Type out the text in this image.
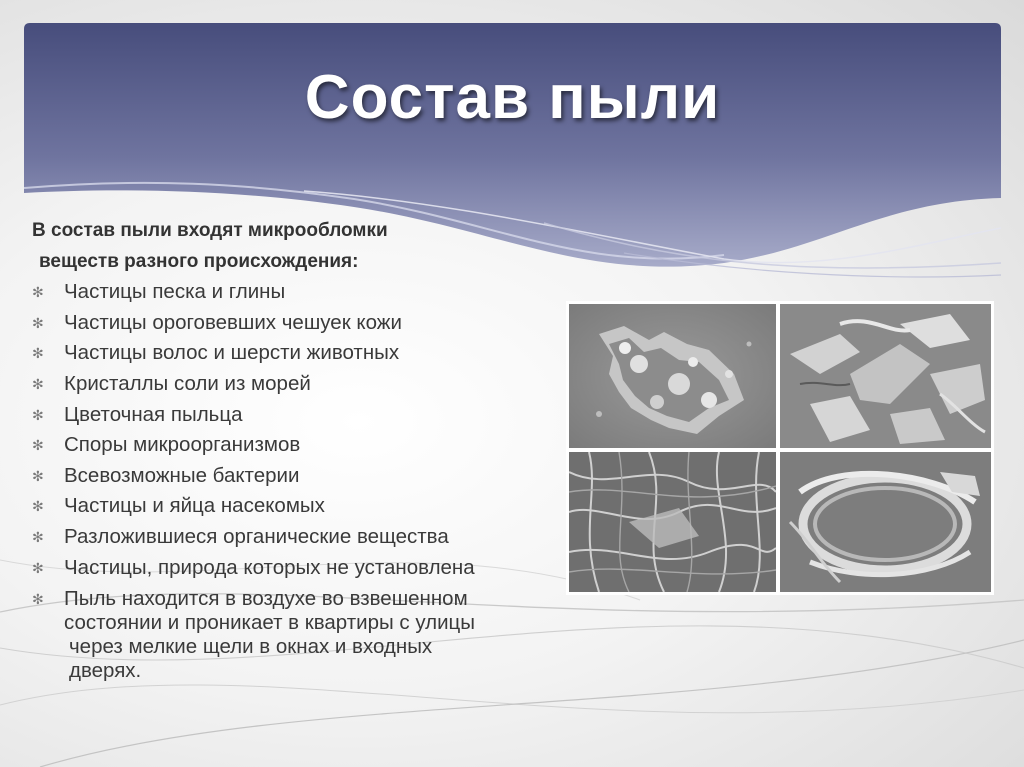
Состав пыли
В состав пыли входят микрообломки
веществ разного происхождения:
✻ Частицы песка и глины
✻ Частицы ороговевших чешуек кожи
✻ Частицы волос и шерсти животных
✻ Кристаллы соли из морей
✻ Цветочная пыльца
✻ Споры микроорганизмов
✻ Всевозможные бактерии
✻ Частицы и яйца насекомых
✻ Разложившиеся органические вещества
✻ Частицы, природа которых не установлена
✻ Пыль находится в воздухе во взвешенном
состоянии и проникает в квартиры с улицы
через мелкие щели в окнах и входных
дверях.
